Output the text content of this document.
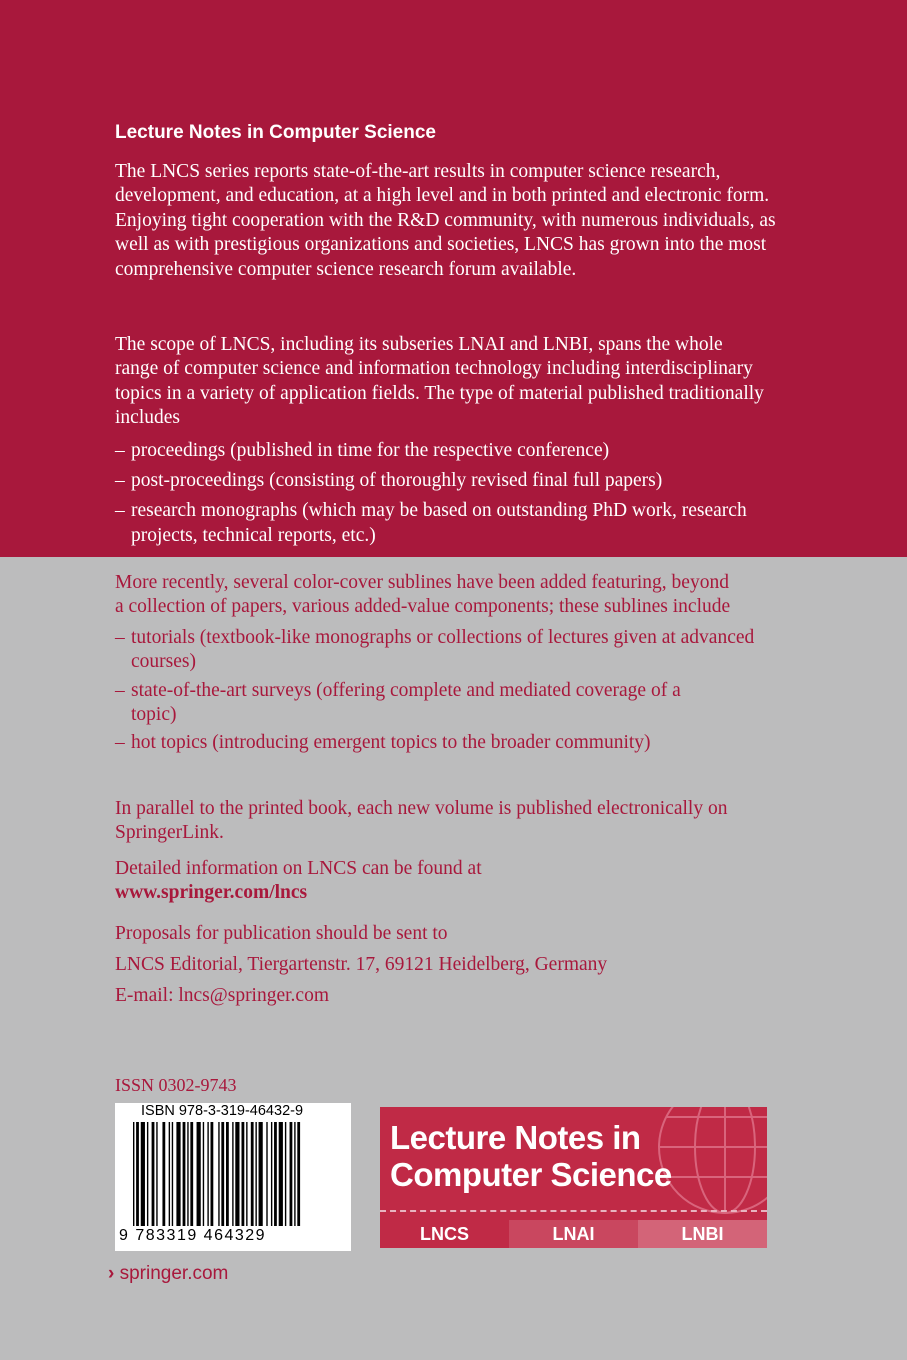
Lecture Notes in Computer Science

The LNCS series reports state-of-the-art results in computer science research, development, and education, at a high level and in both printed and electronic form. Enjoying tight cooperation with the R&D community, with numerous individuals, as well as with prestigious organizations and societies, LNCS has grown into the most comprehensive computer science research forum available.

The scope of LNCS, including its subseries LNAI and LNBI, spans the whole range of computer science and information technology including interdisciplinary topics in a variety of application fields. The type of material published traditionally includes

– proceedings (published in time for the respective conference)
– post-proceedings (consisting of thoroughly revised final full papers)
– research monographs (which may be based on outstanding PhD work, research projects, technical reports, etc.)

More recently, several color-cover sublines have been added featuring, beyond a collection of papers, various added-value components; these sublines include

– tutorials (textbook-like monographs or collections of lectures given at advanced courses)
– state-of-the-art surveys (offering complete and mediated coverage of a topic)
– hot topics (introducing emergent topics to the broader community)

In parallel to the printed book, each new volume is published electronically on SpringerLink.

Detailed information on LNCS can be found at

www.springer.com/lncs

Proposals for publication should be sent to

LNCS Editorial, Tiergartenstr. 17, 69121 Heidelberg, Germany

E-mail: lncs@springer.com

ISSN 0302-9743
ISBN 978-3-319-46432-9
9 783319 464329
Lecture Notes in
Computer Science
LNCS	LNAI	LNBI
› springer.com
